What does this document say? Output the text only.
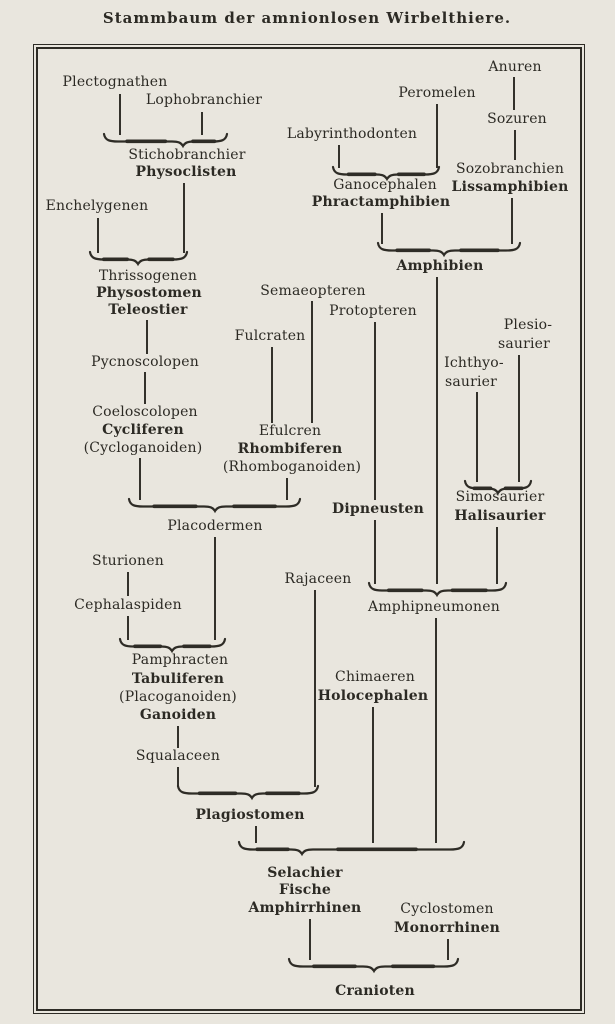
Stammbaum der amnionlosen Wirbelthiere.
Plectognathen
Lophobranchier
Stichobranchier
Physoclisten
Anuren
Peromelen
Sozuren
Labyrinthodonten
Sozobranchien
Lissamphibien
Ganocephalen
Phractamphibien
Enchelygenen
Amphibien
Thrissogenen
Physostomen
Teleostier
Semaeopteren
Protopteren
Fulcraten
Plesio-
saurier
Pycnoscolopen	Ichthyo-
saurier
Coeloscolopen
Cycliferen
(Cycloganoiden)
Efulcren
Rhombiferen
(Rhomboganoiden)
Simosaurier
Halisaurier
Dipneusten
Placodermen
Sturionen
Rajaceen
Cephalaspiden	Amphipneumonen
Pamphracten
Tabuliferen
(Placoganoiden)
Ganoiden
Chimaeren
Holocephalen
Squalaceen
Plagiostomen
Selachier
Fische
Amphirrhinen	Cyclostomen
Monorrhinen
Cranioten
